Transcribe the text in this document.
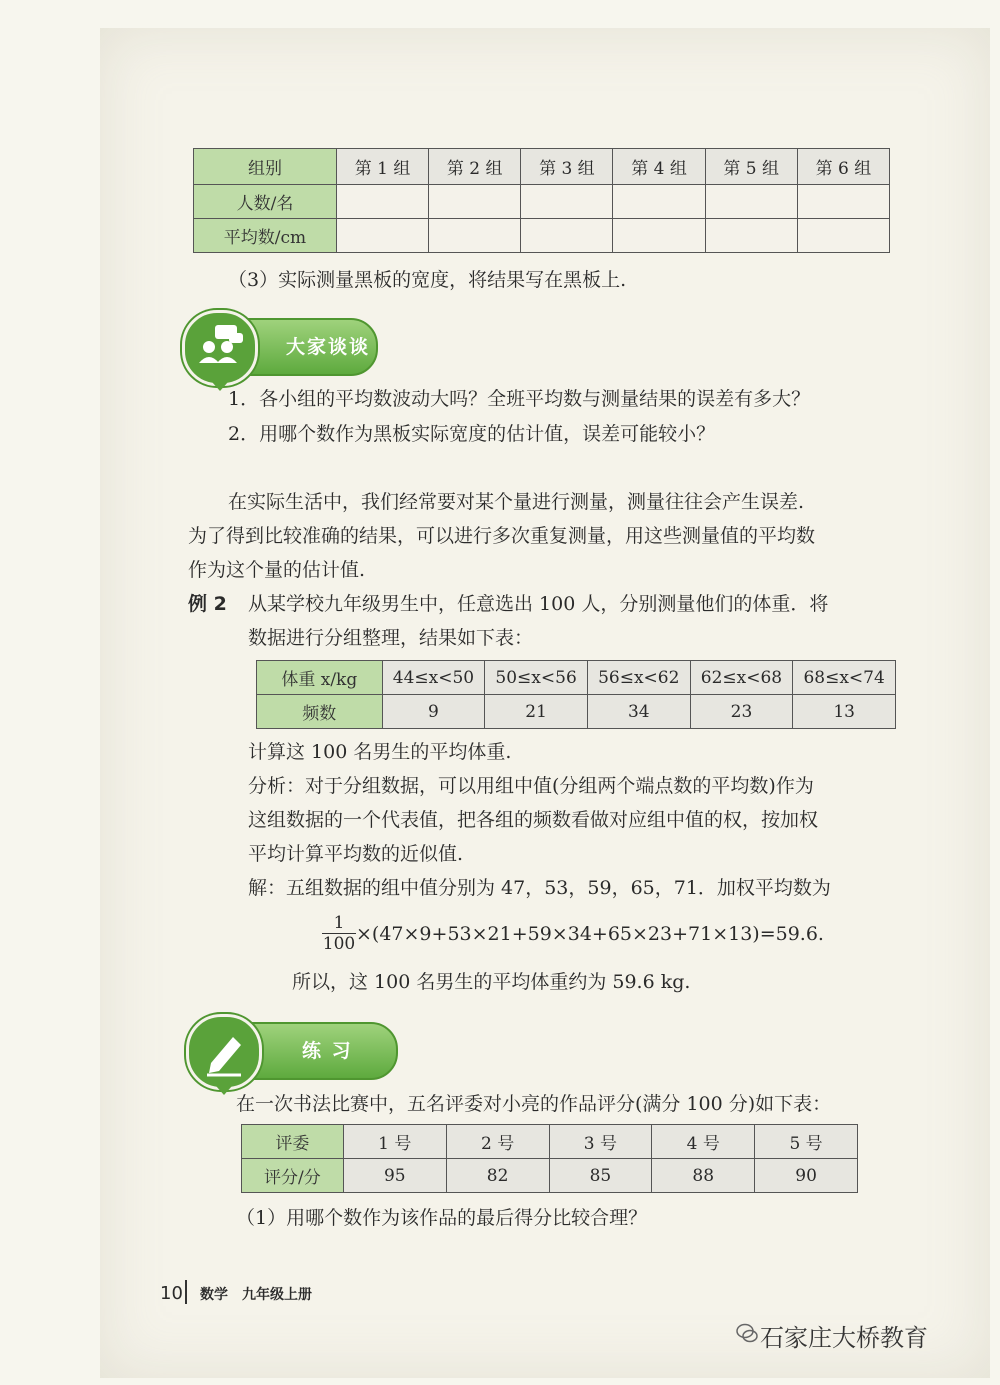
组别	第 1 组	第 2 组	第 3 组	第 4 组	第 5 组	第 6 组
人数/名						
平均数/cm						
（3）实际测量黑板的宽度，将结果写在黑板上.
大家谈谈
1．各小组的平均数波动大吗？全班平均数与测量结果的误差有多大？
2．用哪个数作为黑板实际宽度的估计值，误差可能较小？
在实际生活中，我们经常要对某个量进行测量，测量往往会产生误差.
为了得到比较准确的结果，可以进行多次重复测量，用这些测量值的平均数
作为这个量的估计值.
例 2 从某学校九年级男生中，任意选出 100 人，分别测量他们的体重．将
数据进行分组整理，结果如下表：
体重 x/kg	44≤x<50	50≤x<56	56≤x<62	62≤x<68	68≤x<74
频数	9	21	34	23	13
计算这 100 名男生的平均体重.
分析：对于分组数据，可以用组中值(分组两个端点数的平均数)作为
这组数据的一个代表值，把各组的频数看做对应组中值的权，按加权
平均计算平均数的近似值.
解：五组数据的组中值分别为 47，53，59，65，71．加权平均数为
1
100 ×(47×9+53×21+59×34+65×23+71×13)=59.6.
所以，这 100 名男生的平均体重约为 59.6 kg.
练 习
在一次书法比赛中，五名评委对小亮的作品评分(满分 100 分)如下表：
评委	1 号	2 号	3 号	4 号	5 号
评分/分	95	82	85	88	90
（1）用哪个数作为该作品的最后得分比较合理？
10 数学　九年级上册
石家庄大桥教育
